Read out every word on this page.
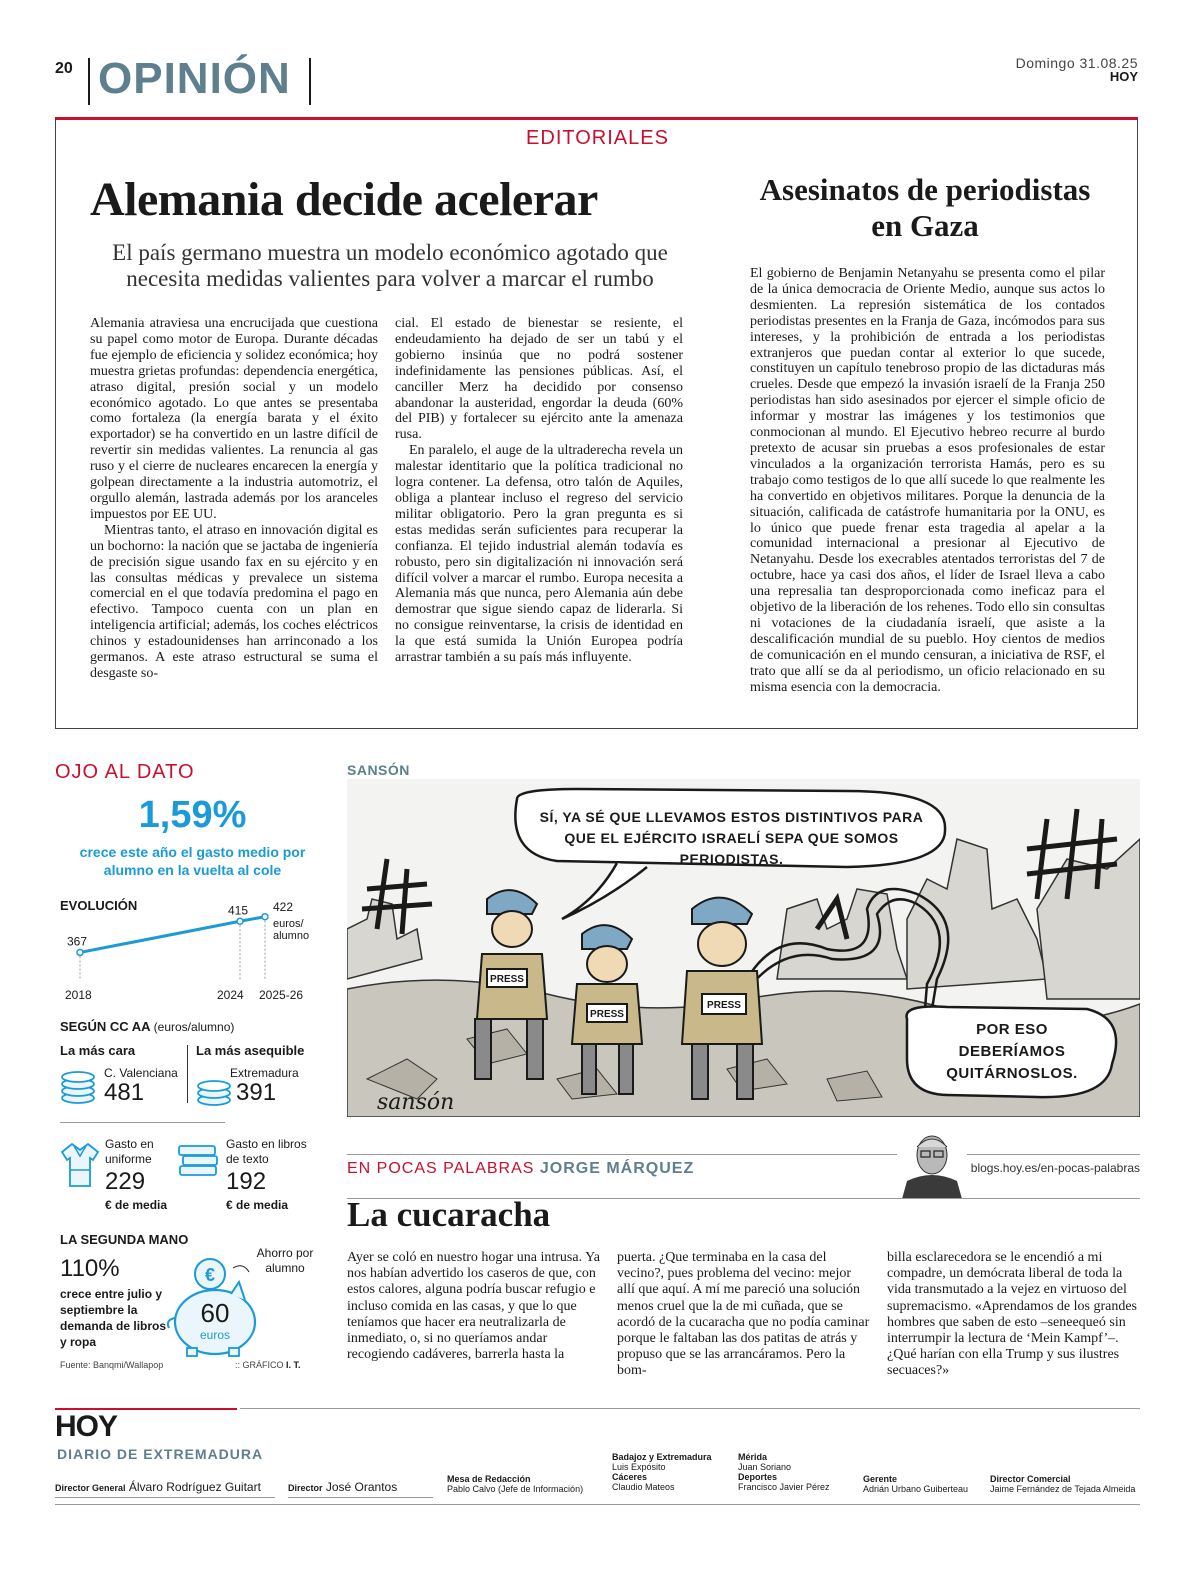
20 OPINIÓN	Domingo 31.08.25
HOY
EDITORIALES
Alemania decide acelerar
El país germano muestra un modelo económico agotado que necesita medidas valientes para volver a marcar el rumbo

Alemania atraviesa una encrucijada que cuestiona su papel como motor de Europa. Durante décadas fue ejemplo de eficiencia y solidez económica; hoy muestra grietas profundas: dependencia energética, atraso digital, presión social y un modelo económico agotado. Lo que antes se presentaba como fortaleza (la energía barata y el éxito exportador) se ha convertido en un lastre difícil de revertir sin medidas valientes. La renuncia al gas ruso y el cierre de nucleares encarecen la energía y golpean directamente a la industria automotriz, el orgullo alemán, lastrada además por los aranceles impuestos por EE UU.

Mientras tanto, el atraso en innovación digital es un bochorno: la nación que se jactaba de ingeniería de precisión sigue usando fax en su ejército y en las consultas médicas y prevalece un sistema comercial en el que todavía predomina el pago en efectivo. Tampoco cuenta con un plan en inteligencia artificial; además, los coches eléctricos chinos y estadounidenses han arrinconado a los germanos. A este atraso estructural se suma el desgaste so-

cial. El estado de bienestar se resiente, el endeudamiento ha dejado de ser un tabú y el gobierno insinúa que no podrá sostener indefinidamente las pensiones públicas. Así, el canciller Merz ha decidido por consenso abandonar la austeridad, engordar la deuda (60% del PIB) y fortalecer su ejército ante la amenaza rusa.

En paralelo, el auge de la ultraderecha revela un malestar identitario que la política tradicional no logra contener. La defensa, otro talón de Aquiles, obliga a plantear incluso el regreso del servicio militar obligatorio. Pero la gran pregunta es si estas medidas serán suficientes para recuperar la confianza. El tejido industrial alemán todavía es robusto, pero sin digitalización ni innovación será difícil volver a marcar el rumbo. Europa necesita a Alemania más que nunca, pero Alemania aún debe demostrar que sigue siendo capaz de liderarla. Si no consigue reinventarse, la crisis de identidad en la que está sumida la Unión Europea podría arrastrar también a su país más influyente.

Asesinatos de periodistas en Gaza

El gobierno de Benjamin Netanyahu se presenta como el pilar de la única democracia de Oriente Medio, aunque sus actos lo desmienten. La represión sistemática de los contados periodistas presentes en la Franja de Gaza, incómodos para sus intereses, y la prohibición de entrada a los periodistas extranjeros que puedan contar al exterior lo que sucede, constituyen un capítulo tenebroso propio de las dictaduras más crueles. Desde que empezó la invasión israelí de la Franja 250 periodistas han sido asesinados por ejercer el simple oficio de informar y mostrar las imágenes y los testimonios que conmocionan al mundo. El Ejecutivo hebreo recurre al burdo pretexto de acusar sin pruebas a esos profesionales de estar vinculados a la organización terrorista Hamás, pero es su trabajo como testigos de lo que allí sucede lo que realmente les ha convertido en objetivos militares. Porque la denuncia de la situación, calificada de catástrofe humanitaria por la ONU, es lo único que puede frenar esta tragedia al apelar a la comunidad internacional a presionar al Ejecutivo de Netanyahu. Desde los execrables atentados terroristas del 7 de octubre, hace ya casi dos años, el líder de Israel lleva a cabo una represalia tan desproporcionada como ineficaz para el objetivo de la liberación de los rehenes. Todo ello sin consultas ni votaciones de la ciudadanía israelí, que asiste a la descalificación mundial de su pueblo. Hoy cientos de medios de comunicación en el mundo censuran, a iniciativa de RSF, el trato que allí se da al periodismo, un oficio relacionado en su misma esencia con la democracia.

OJO AL DATO
1,59%
crece este año el gasto medio por alumno en la vuelta al cole
EVOLUCIÓN
367
415 422
2018	2024 2025-26
euros/
alumno
SEGÚN CC AA (euros/alumno)
La más cara	La más asequible
C. Valenciana
481
Extremadura
391
Gasto en uniforme
229
€ de media
Gasto en libros de texto
192
€ de media
LA SEGUNDA MANO
110%
crece entre julio y septiembre la demanda de libros y ropa
€
Ahorro por alumno
60
euros
Fuente: Banqmi/Wallapop	:: GRÁFICO I. T.
SANSÓN
SÍ, YA SÉ QUE LLEVAMOS ESTOS DISTINTIVOS PARA QUE EL EJÉRCITO ISRAELÍ SEPA QUE SOMOS PERIODISTAS.
POR ESO DEBERÍAMOS QUITÁRNOSLOS.
PRESS
PRESS
PRESS
sansón
EN POCAS PALABRAS JORGE MÁRQUEZ	blogs.hoy.es/en-pocas-palabras
La cucaracha
Ayer se coló en nuestro hogar una intrusa. Ya nos habían advertido los caseros de que, con estos calores, alguna podría buscar refugio e incluso comida en las casas, y que lo que teníamos que hacer era neutralizarla de inmediato, o, si no queríamos andar recogiendo cadáveres, barrerla hasta la
puerta. ¿Que terminaba en la casa del vecino?, pues problema del vecino: mejor allí que aquí. A mí me pareció una solución menos cruel que la de mi cuñada, que se acordó de la cucaracha que no podía caminar porque le faltaban las dos patitas de atrás y propuso que se las arrancáramos. Pero la bom-
billa esclarecedora se le encendió a mi compadre, un demócrata liberal de toda la vida transmutado a la vejez en virtuoso del supremacismo. «Aprendamos de los grandes hombres que saben de esto –seneequeó sin interrumpir la lectura de ‘Mein Kampf’–. ¿Qué harían con ella Trump y sus ilustres secuaces?»
HOY
DIARIO DE EXTREMADURA
Director General Álvaro Rodríguez Guitart	Director José Orantos
Mesa de Redacción
Pablo Calvo (Jefe de Información)
Badajoz y Extremadura
Luis Expósito
Cáceres
Claudio Mateos
Mérida
Juan Soriano
Deportes
Francisco Javier Pérez
Gerente
Adrián Urbano Guiberteau
Director Comercial
Jaime Fernández de Tejada Almeida
